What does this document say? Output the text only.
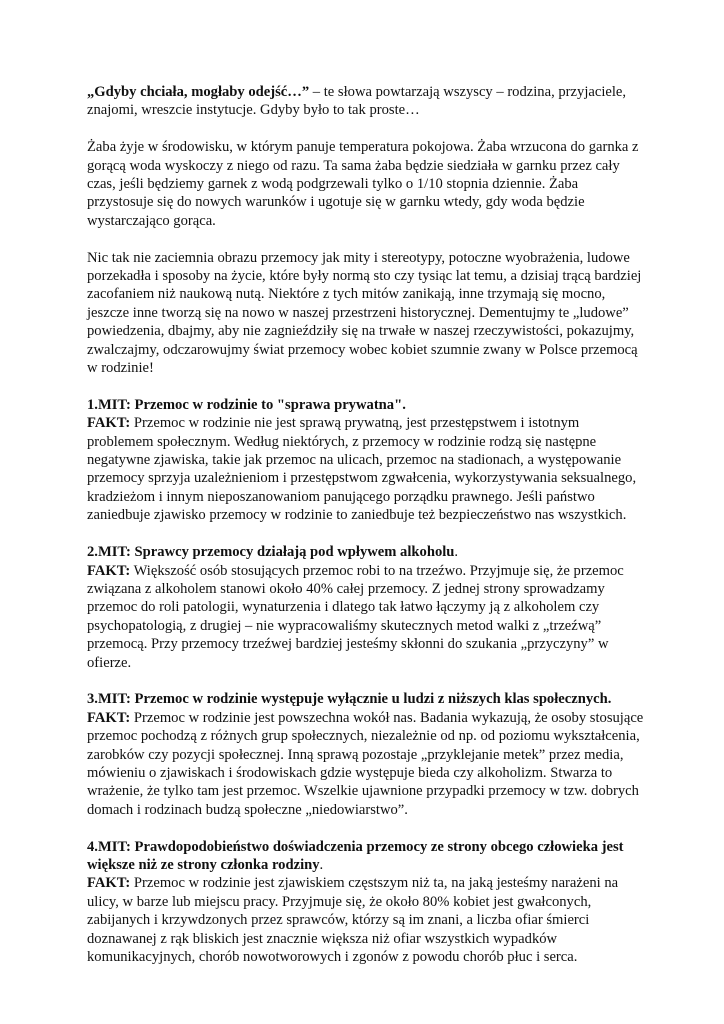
„Gdyby chciała, mogłaby odejść…” – te słowa powtarzają wszyscy – rodzina, przyjaciele, znajomi, wreszcie instytucje. Gdyby było to tak proste…

Żaba żyje w środowisku, w którym panuje temperatura pokojowa. Żaba wrzucona do garnka z gorącą woda wyskoczy z niego od razu. Ta sama żaba będzie siedziała w garnku przez cały czas, jeśli będziemy garnek z wodą podgrzewali tylko o 1/10 stopnia dziennie. Żaba przystosuje się do nowych warunków i ugotuje się w garnku wtedy, gdy woda będzie wystarczająco gorąca.

Nic tak nie zaciemnia obrazu przemocy jak mity i stereotypy, potoczne wyobrażenia, ludowe porzekadła i sposoby na życie, które były normą sto czy tysiąc lat temu, a dzisiaj trącą bardziej zacofaniem niż naukową nutą. Niektóre z tych mitów zanikają, inne trzymają się mocno, jeszcze inne tworzą się na nowo w naszej przestrzeni historycznej. Dementujmy te „ludowe” powiedzenia, dbajmy, aby nie zagnieździły się na trwałe w naszej rzeczywistości, pokazujmy, zwalczajmy, odczarowujmy świat przemocy wobec kobiet szumnie zwany w Polsce przemocą w rodzinie!

1.MIT: Przemoc w rodzinie to "sprawa prywatna".
FAKT: Przemoc w rodzinie nie jest sprawą prywatną, jest przestępstwem i istotnym problemem społecznym. Według niektórych, z przemocy w rodzinie rodzą się następne negatywne zjawiska, takie jak przemoc na ulicach, przemoc na stadionach, a występowanie przemocy sprzyja uzależnieniom i przestępstwom zgwałcenia, wykorzystywania seksualnego, kradzieżom i innym nieposzanowaniom panującego porządku prawnego. Jeśli państwo zaniedbuje zjawisko przemocy w rodzinie to zaniedbuje też bezpieczeństwo nas wszystkich.

2.MIT: Sprawcy przemocy działają pod wpływem alkoholu.
FAKT: Większość osób stosujących przemoc robi to na trzeźwo. Przyjmuje się, że przemoc związana z alkoholem stanowi około 40% całej przemocy. Z jednej strony sprowadzamy przemoc do roli patologii, wynaturzenia i dlatego tak łatwo łączymy ją z alkoholem czy psychopatologią, z drugiej – nie wypracowaliśmy skutecznych metod walki z „trzeźwą” przemocą. Przy przemocy trzeźwej bardziej jesteśmy skłonni do szukania „przyczyny” w ofierze.

3.MIT: Przemoc w rodzinie występuje wyłącznie u ludzi z niższych klas społecznych.
FAKT: Przemoc w rodzinie jest powszechna wokół nas. Badania wykazują, że osoby stosujące przemoc pochodzą z różnych grup społecznych, niezależnie od np. od poziomu wykształcenia, zarobków czy pozycji społecznej. Inną sprawą pozostaje „przyklejanie metek” przez media, mówieniu o zjawiskach i środowiskach gdzie występuje bieda czy alkoholizm. Stwarza to wrażenie, że tylko tam jest przemoc. Wszelkie ujawnione przypadki przemocy w tzw. dobrych domach i rodzinach budzą społeczne „niedowiarstwo”.

4.MIT: Prawdopodobieństwo doświadczenia przemocy ze strony obcego człowieka jest większe niż ze strony członka rodziny.
FAKT: Przemoc w rodzinie jest zjawiskiem częstszym niż ta, na jaką jesteśmy narażeni na ulicy, w barze lub miejscu pracy. Przyjmuje się, że około 80% kobiet jest gwałconych, zabijanych i krzywdzonych przez sprawców, którzy są im znani, a liczba ofiar śmierci doznawanej z rąk bliskich jest znacznie większa niż ofiar wszystkich wypadków komunikacyjnych, chorób nowotworowych i zgonów z powodu chorób płuc i serca.
